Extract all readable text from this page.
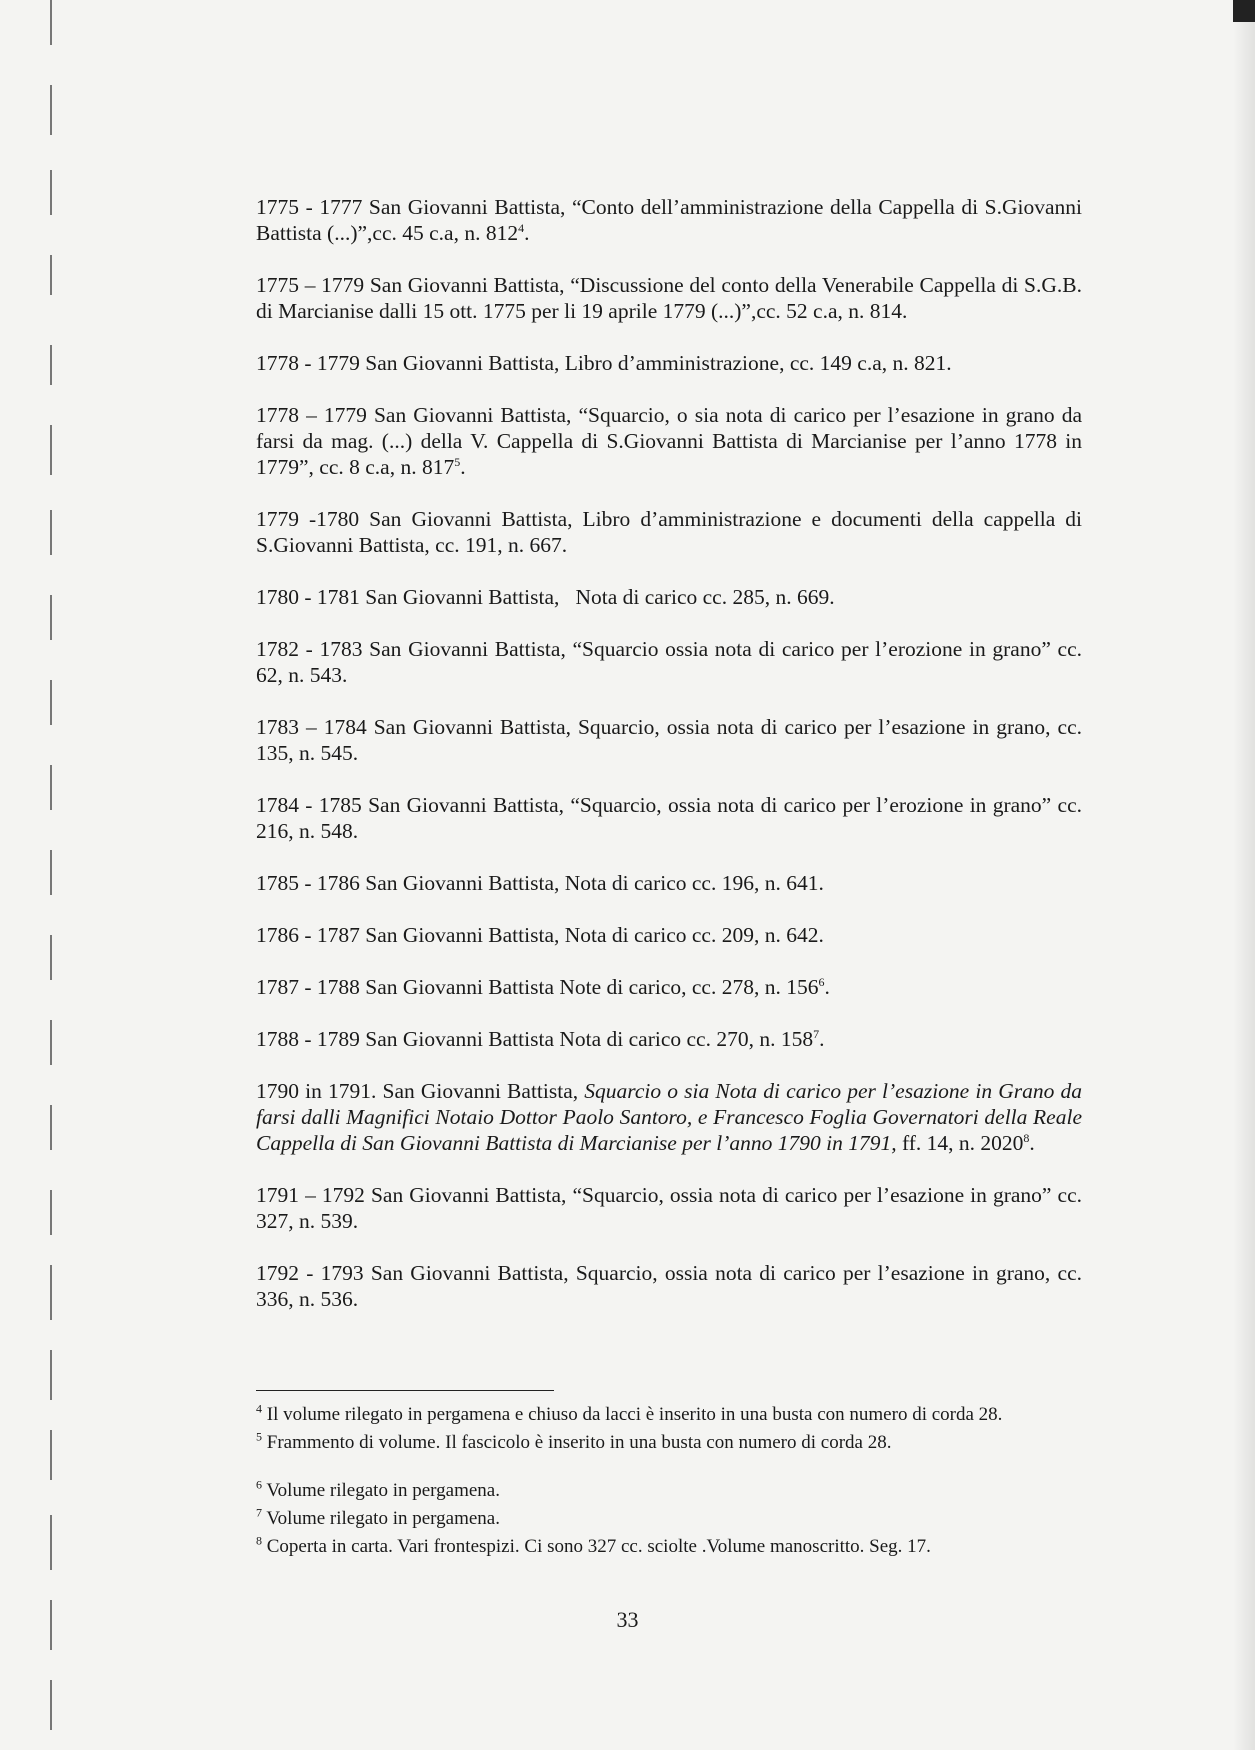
1775 - 1777 San Giovanni Battista, “Conto dell’amministrazione della Cappella di S.Giovanni Battista (...)”,cc. 45 c.a, n. $812^4$.

1775 – 1779 San Giovanni Battista, “Discussione del conto della Venerabile Cappella di S.G.B. di Marcianise dalli 15 ott. 1775 per li 19 aprile 1779 (...)”,cc. 52 c.a, n. 814.

1778 - 1779 San Giovanni Battista, Libro d’amministrazione, cc. 149 c.a, n. 821.

1778 – 1779 San Giovanni Battista, “Squarcio, o sia nota di carico per l’esazione in grano da farsi da mag. (...) della V. Cappella di S.Giovanni Battista di Marcianise per l’anno 1778 in 1779”, cc. 8 c.a, n. $817^5$.

1779 -1780 San Giovanni Battista, Libro d’amministrazione e documenti della cappella di S.Giovanni Battista, cc. 191, n. 667.

1780 - 1781 San Giovanni Battista,   Nota di carico cc. 285, n. 669.

1782 - 1783 San Giovanni Battista, “Squarcio ossia nota di carico per l’erozione in grano” cc. 62, n. 543.

1783 – 1784 San Giovanni Battista, Squarcio, ossia nota di carico per l’esazione in grano, cc. 135, n. 545.

1784 - 1785 San Giovanni Battista, “Squarcio, ossia nota di carico per l’erozione in grano” cc. 216, n. 548.

1785 - 1786 San Giovanni Battista, Nota di carico cc. 196, n. 641.

1786 - 1787 San Giovanni Battista, Nota di carico cc. 209, n. 642.

1787 - 1788 San Giovanni Battista Note di carico, cc. 278, n. $156^6$.

1788 - 1789 San Giovanni Battista Nota di carico cc. 270, n. $158^7$.

1790 in 1791. San Giovanni Battista, Squarcio o sia Nota di carico per l’esazione in Grano da farsi dalli Magnifici Notaio Dottor Paolo Santoro, e Francesco Foglia Governatori della Reale Cappella di San Giovanni Battista di Marcianise per l’anno 1790 in 1791, ff. 14, n. 2020$^8$.

1791 – 1792 San Giovanni Battista, “Squarcio, ossia nota di carico per l’esazione in grano” cc. 327, n. 539.

1792 - 1793 San Giovanni Battista, Squarcio, ossia nota di carico per l’esazione in grano, cc. 336, n. 536.

$^4$ Il volume rilegato in pergamena e chiuso da lacci è inserito in una busta con numero di corda 28.

$^5$ Frammento di volume. Il fascicolo è inserito in una busta con numero di corda 28.

$^6$ Volume rilegato in pergamena.

$^7$ Volume rilegato in pergamena.

$^8$ Coperta in carta. Vari frontespizi. Ci sono 327 cc. sciolte .Volume manoscritto. Seg. 17.

33
